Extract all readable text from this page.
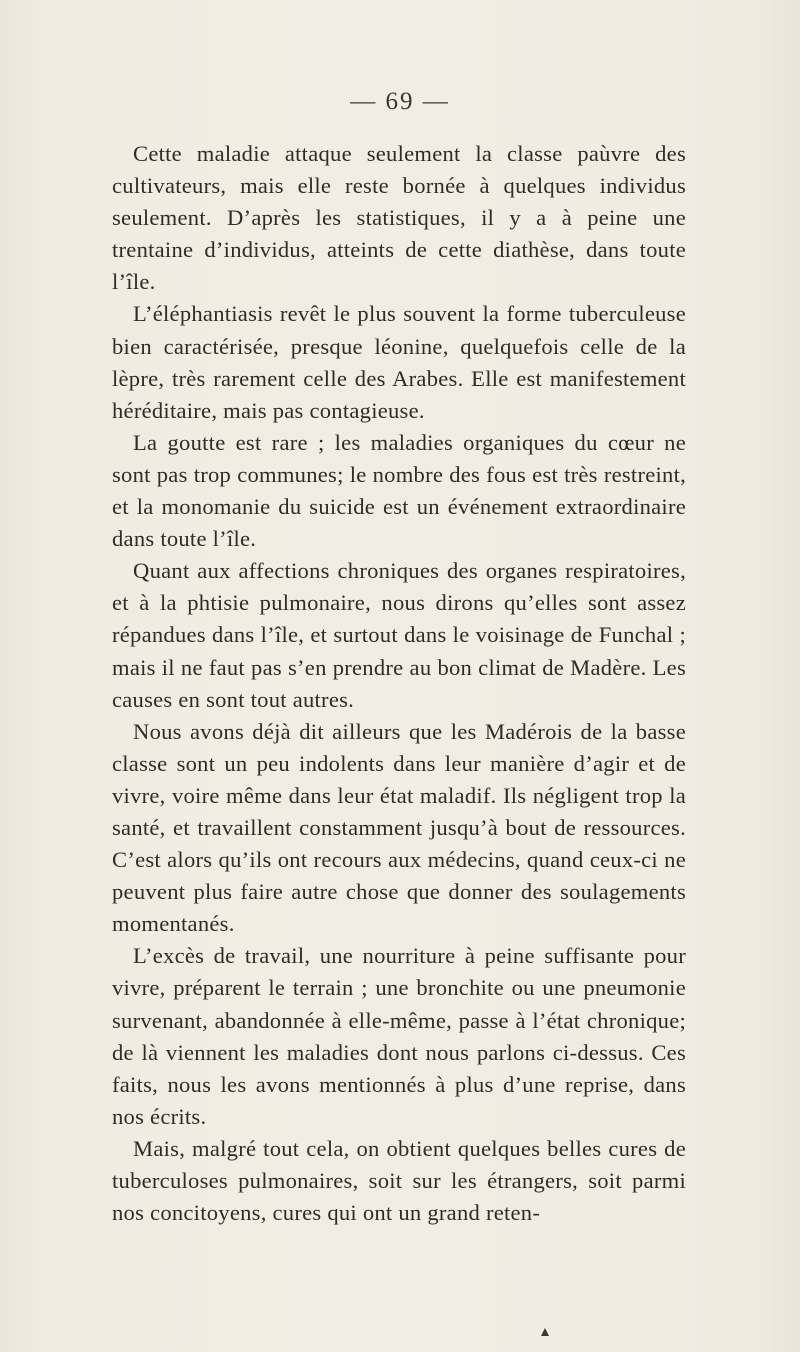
— 69 —

Cette maladie attaque seulement la classe paùvre des cultivateurs, mais elle reste bornée à quelques individus seulement. D’après les statistiques, il y a à peine une trentaine d’individus, atteints de cette diathèse, dans toute l’île.

L’éléphantiasis revêt le plus souvent la forme tuberculeuse bien caractérisée, presque léonine, quelquefois celle de la lèpre, très rarement celle des Arabes. Elle est manifestement héréditaire, mais pas contagieuse.

La goutte est rare ; les maladies organiques du cœur ne sont pas trop communes; le nombre des fous est très restreint, et la monomanie du suicide est un événement extraordinaire dans toute l’île.

Quant aux affections chroniques des organes respiratoires, et à la phtisie pulmonaire, nous dirons qu’elles sont assez répandues dans l’île, et surtout dans le voisinage de Funchal ; mais il ne faut pas s’en prendre au bon climat de Madère. Les causes en sont tout autres.

Nous avons déjà dit ailleurs que les Madérois de la basse classe sont un peu indolents dans leur manière d’agir et de vivre, voire même dans leur état maladif. Ils négligent trop la santé, et travaillent constamment jusqu’à bout de ressources. C’est alors qu’ils ont recours aux médecins, quand ceux-ci ne peuvent plus faire autre chose que donner des soulagements momentanés.

L’excès de travail, une nourriture à peine suffisante pour vivre, préparent le terrain ; une bronchite ou une pneumonie survenant, abandonnée à elle-même, passe à l’état chronique; de là viennent les maladies dont nous parlons ci-dessus. Ces faits, nous les avons mentionnés à plus d’une reprise, dans nos écrits.

Mais, malgré tout cela, on obtient quelques belles cures de tuberculoses pulmonaires, soit sur les étrangers, soit parmi nos concitoyens, cures qui ont un grand reten-
